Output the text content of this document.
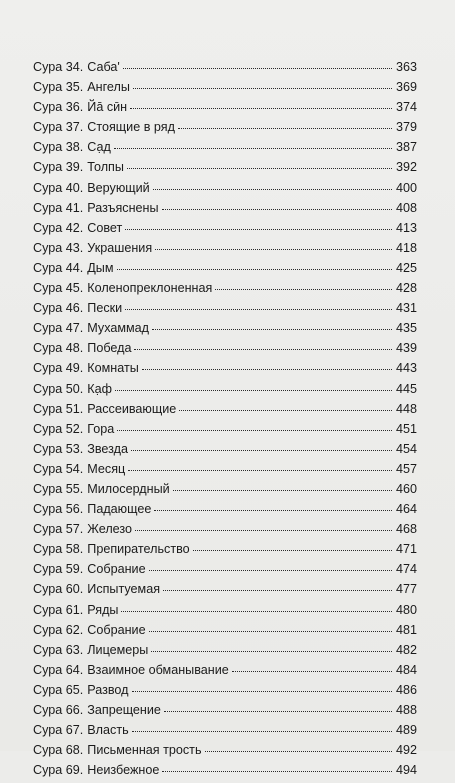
Сура 34. Саба'	363
Сура 35. Ангелы	369
Сура 36. Йа̄ сӣн	374
Сура 37. Стоящие в ряд	379
Сура 38. Са̣д	387
Сура 39. Толпы	392
Сура 40. Верующий	400
Сура 41. Разъяснены	408
Сура 42. Совет	413
Сура 43. Украшения	418
Сура 44. Дым	425
Сура 45. Коленопреклоненная	428
Сура 46. Пески	431
Сура 47. Мухаммад	435
Сура 48. Победа	439
Сура 49. Комнаты	443
Сура 50. Ка̣ф	445
Сура 51. Рассеивающие	448
Сура 52. Гора	451
Сура 53. Звезда	454
Сура 54. Месяц	457
Сура 55. Милосердный	460
Сура 56. Падающее	464
Сура 57. Железо	468
Сура 58. Препирательство	471
Сура 59. Собрание	474
Сура 60. Испытуемая	477
Сура 61. Ряды	480
Сура 62. Собрание	481
Сура 63. Лицемеры	482
Сура 64. Взаимное обманывание	484
Сура 65. Развод	486
Сура 66. Запрещение	488
Сура 67. Власть	489
Сура 68. Письменная трость	492
Сура 69. Неизбежное	494
